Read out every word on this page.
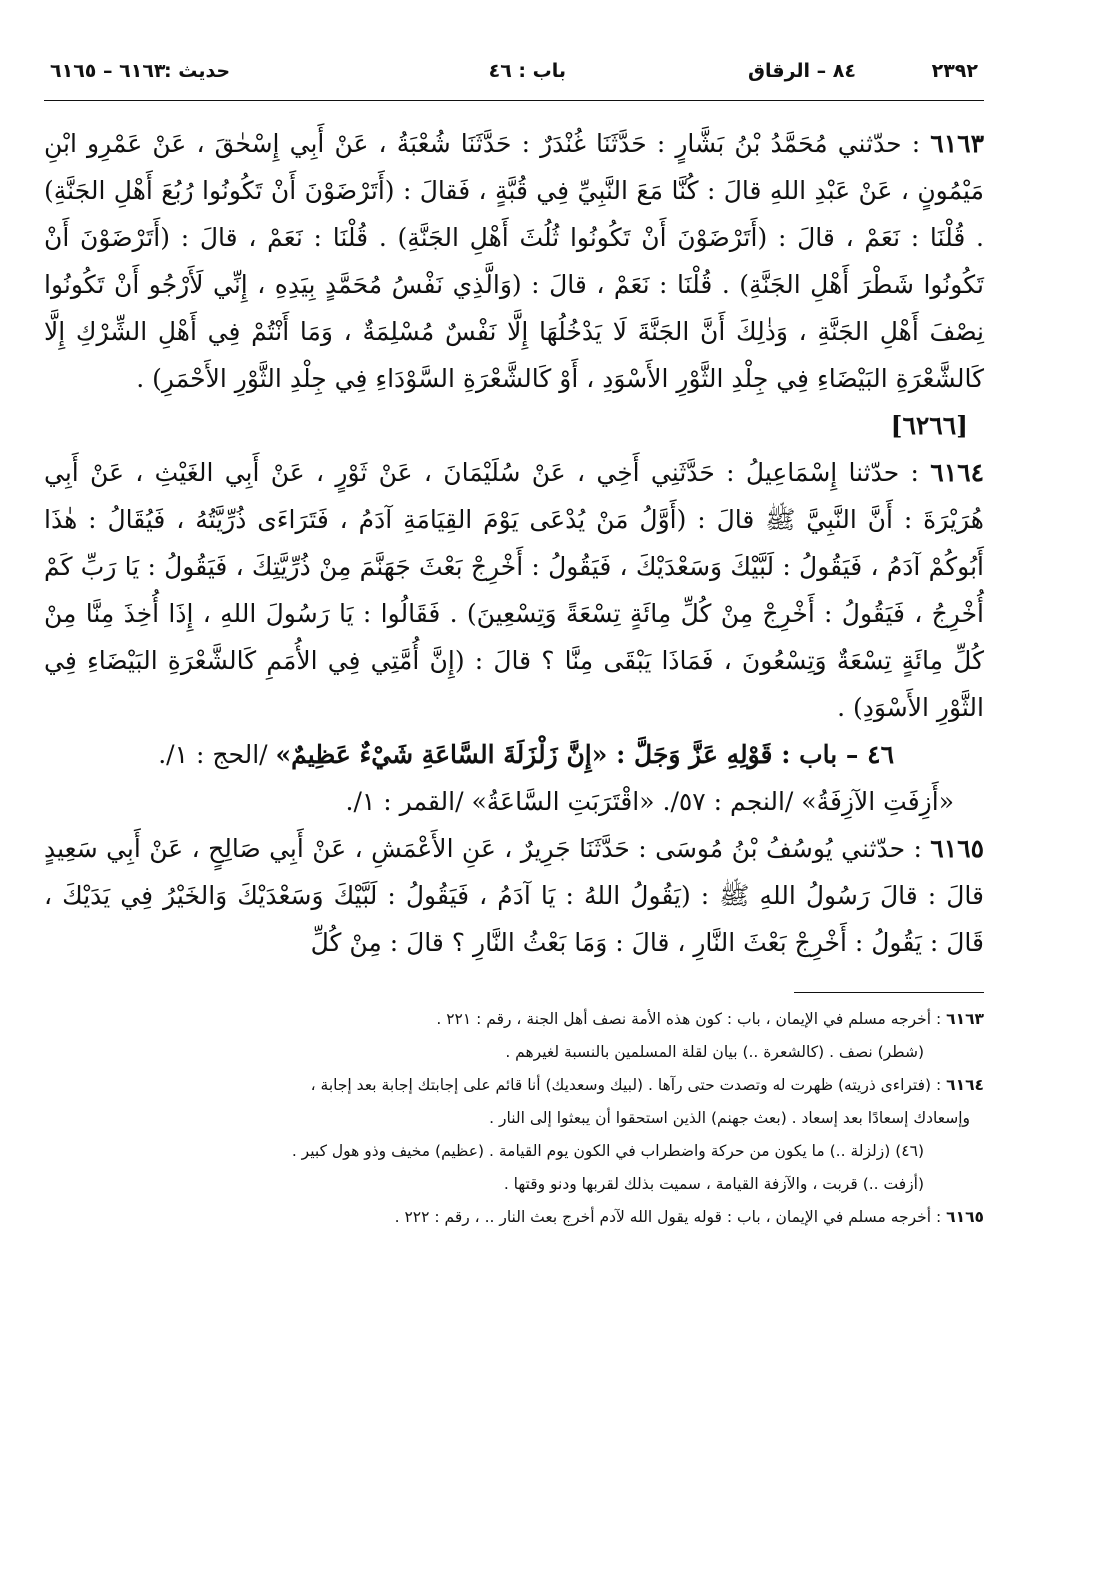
٢٣٩٢
٨٤ – الرقاق
باب : ٤٦
حديث :
٦١٦٣ – ٦١٦٥

٦١٦٣ : حدّثني مُحَمَّدُ بْنُ بَشَّارٍ : حَدَّثَنَا غُنْدَرٌ : حَدَّثَنَا شُعْبَةُ ، عَنْ أَبِي إِسْحٰقَ ، عَنْ عَمْرِو ابْنِ مَيْمُونٍ ، عَنْ عَبْدِ اللهِ قالَ : كُنَّا مَعَ النَّبِيِّ فِي قُبَّةٍ ، فَقالَ : (أَتَرْضَوْنَ أَنْ تَكُونُوا رُبُعَ أَهْلِ الجَنَّةِ) . قُلْنَا : نَعَمْ ، قالَ : (أَتَرْضَوْنَ أَنْ تَكُونُوا ثُلُثَ أَهْلِ الجَنَّةِ) . قُلْنَا : نَعَمْ ، قالَ : (أَتَرْضَوْنَ أَنْ تَكُونُوا شَطْرَ أَهْلِ الجَنَّةِ) . قُلْنَا : نَعَمْ ، قالَ : (وَالَّذِي نَفْسُ مُحَمَّدٍ بِيَدِهِ ، إِنِّي لَأَرْجُو أَنْ تَكُونُوا نِصْفَ أَهْلِ الجَنَّةِ ، وَذٰلِكَ أَنَّ الجَنَّةَ لَا يَدْخُلُهَا إِلَّا نَفْسٌ مُسْلِمَةٌ ، وَمَا أَنْتُمْ فِي أَهْلِ الشِّرْكِ إِلَّا كَالشَّعْرَةِ البَيْضَاءِ فِي جِلْدِ الثَّوْرِ الأَسْوَدِ ، أَوْ كَالشَّعْرَةِ السَّوْدَاءِ فِي جِلْدِ الثَّوْرِ الأَحْمَرِ) .

[٦٢٦٦]

٦١٦٤ : حدّثنا إِسْمَاعِيلُ : حَدَّثَنِي أَخِي ، عَنْ سُلَيْمَانَ ، عَنْ ثَوْرٍ ، عَنْ أَبِي الغَيْثِ ، عَنْ أَبِي هُرَيْرَةَ : أَنَّ النَّبِيَّ ﷺ قالَ : (أَوَّلُ مَنْ يُدْعَى يَوْمَ القِيَامَةِ آدَمُ ، فَتَرَاءَى ذُرِّيَّتُهُ ، فَيُقَالُ : هٰذَا أَبُوكُمْ آدَمُ ، فَيَقُولُ : لَبَّيْكَ وَسَعْدَيْكَ ، فَيَقُولُ : أَخْرِجْ بَعْثَ جَهَنَّمَ مِنْ ذُرِّيَّتِكَ ، فَيَقُولُ : يَا رَبِّ كَمْ أُخْرِجُ ، فَيَقُولُ : أَخْرِجْ مِنْ كُلِّ مِائَةٍ تِسْعَةً وَتِسْعِينَ) . فَقَالُوا : يَا رَسُولَ اللهِ ، إِذَا أُخِذَ مِنَّا مِنْ كُلِّ مِائَةٍ تِسْعَةٌ وَتِسْعُونَ ، فَمَاذَا يَبْقَى مِنَّا ؟ قالَ : (إِنَّ أُمَّتِي فِي الأُمَمِ كَالشَّعْرَةِ البَيْضَاءِ فِي الثَّوْرِ الأَسْوَدِ) .

٤٦ – باب : قَوْلِهِ عَزَّ وَجَلَّ : «إِنَّ زَلْزَلَةَ السَّاعَةِ شَيْءٌ عَظِيمٌ» /الحج : ١/.

«أَزِفَتِ الآزِفَةُ» /النجم : ٥٧/. «اقْتَرَبَتِ السَّاعَةُ» /القمر : ١/.

٦١٦٥ : حدّثني يُوسُفُ بْنُ مُوسَى : حَدَّثَنَا جَرِيرٌ ، عَنِ الأَعْمَشِ ، عَنْ أَبِي صَالِحٍ ، عَنْ أَبِي سَعِيدٍ قالَ : قالَ رَسُولُ اللهِ ﷺ : (يَقُولُ اللهُ : يَا آدَمُ ، فَيَقُولُ : لَبَّيْكَ وَسَعْدَيْكَ وَالخَيْرُ فِي يَدَيْكَ ، قَالَ : يَقُولُ : أَخْرِجْ بَعْثَ النَّارِ ، قالَ : وَمَا بَعْثُ النَّارِ ؟ قالَ : مِنْ كُلِّ

٦١٦٣ : أخرجه مسلم في الإيمان ، باب : كون هذه الأمة نصف أهل الجنة ، رقم : ٢٢١ .

(شطر) نصف . (كالشعرة ..) بيان لقلة المسلمين بالنسبة لغيرهم .

٦١٦٤ : (فتراءى ذريته) ظهرت له وتصدت حتى رآها . (لبيك وسعديك) أنا قائم على إجابتك إجابة بعد إجابة ،

وإسعادك إسعادًا بعد إسعاد . (بعث جهنم) الذين استحقوا أن يبعثوا إلى النار .

(٤٦) (زلزلة ..) ما يكون من حركة واضطراب في الكون يوم القيامة . (عظيم) مخيف وذو هول كبير .

(أزفت ..) قربت ، والآزفة القيامة ، سميت بذلك لقربها ودنو وقتها .

٦١٦٥ : أخرجه مسلم في الإيمان ، باب : قوله يقول الله لآدم أخرج بعث النار .. ، رقم : ٢٢٢ .
